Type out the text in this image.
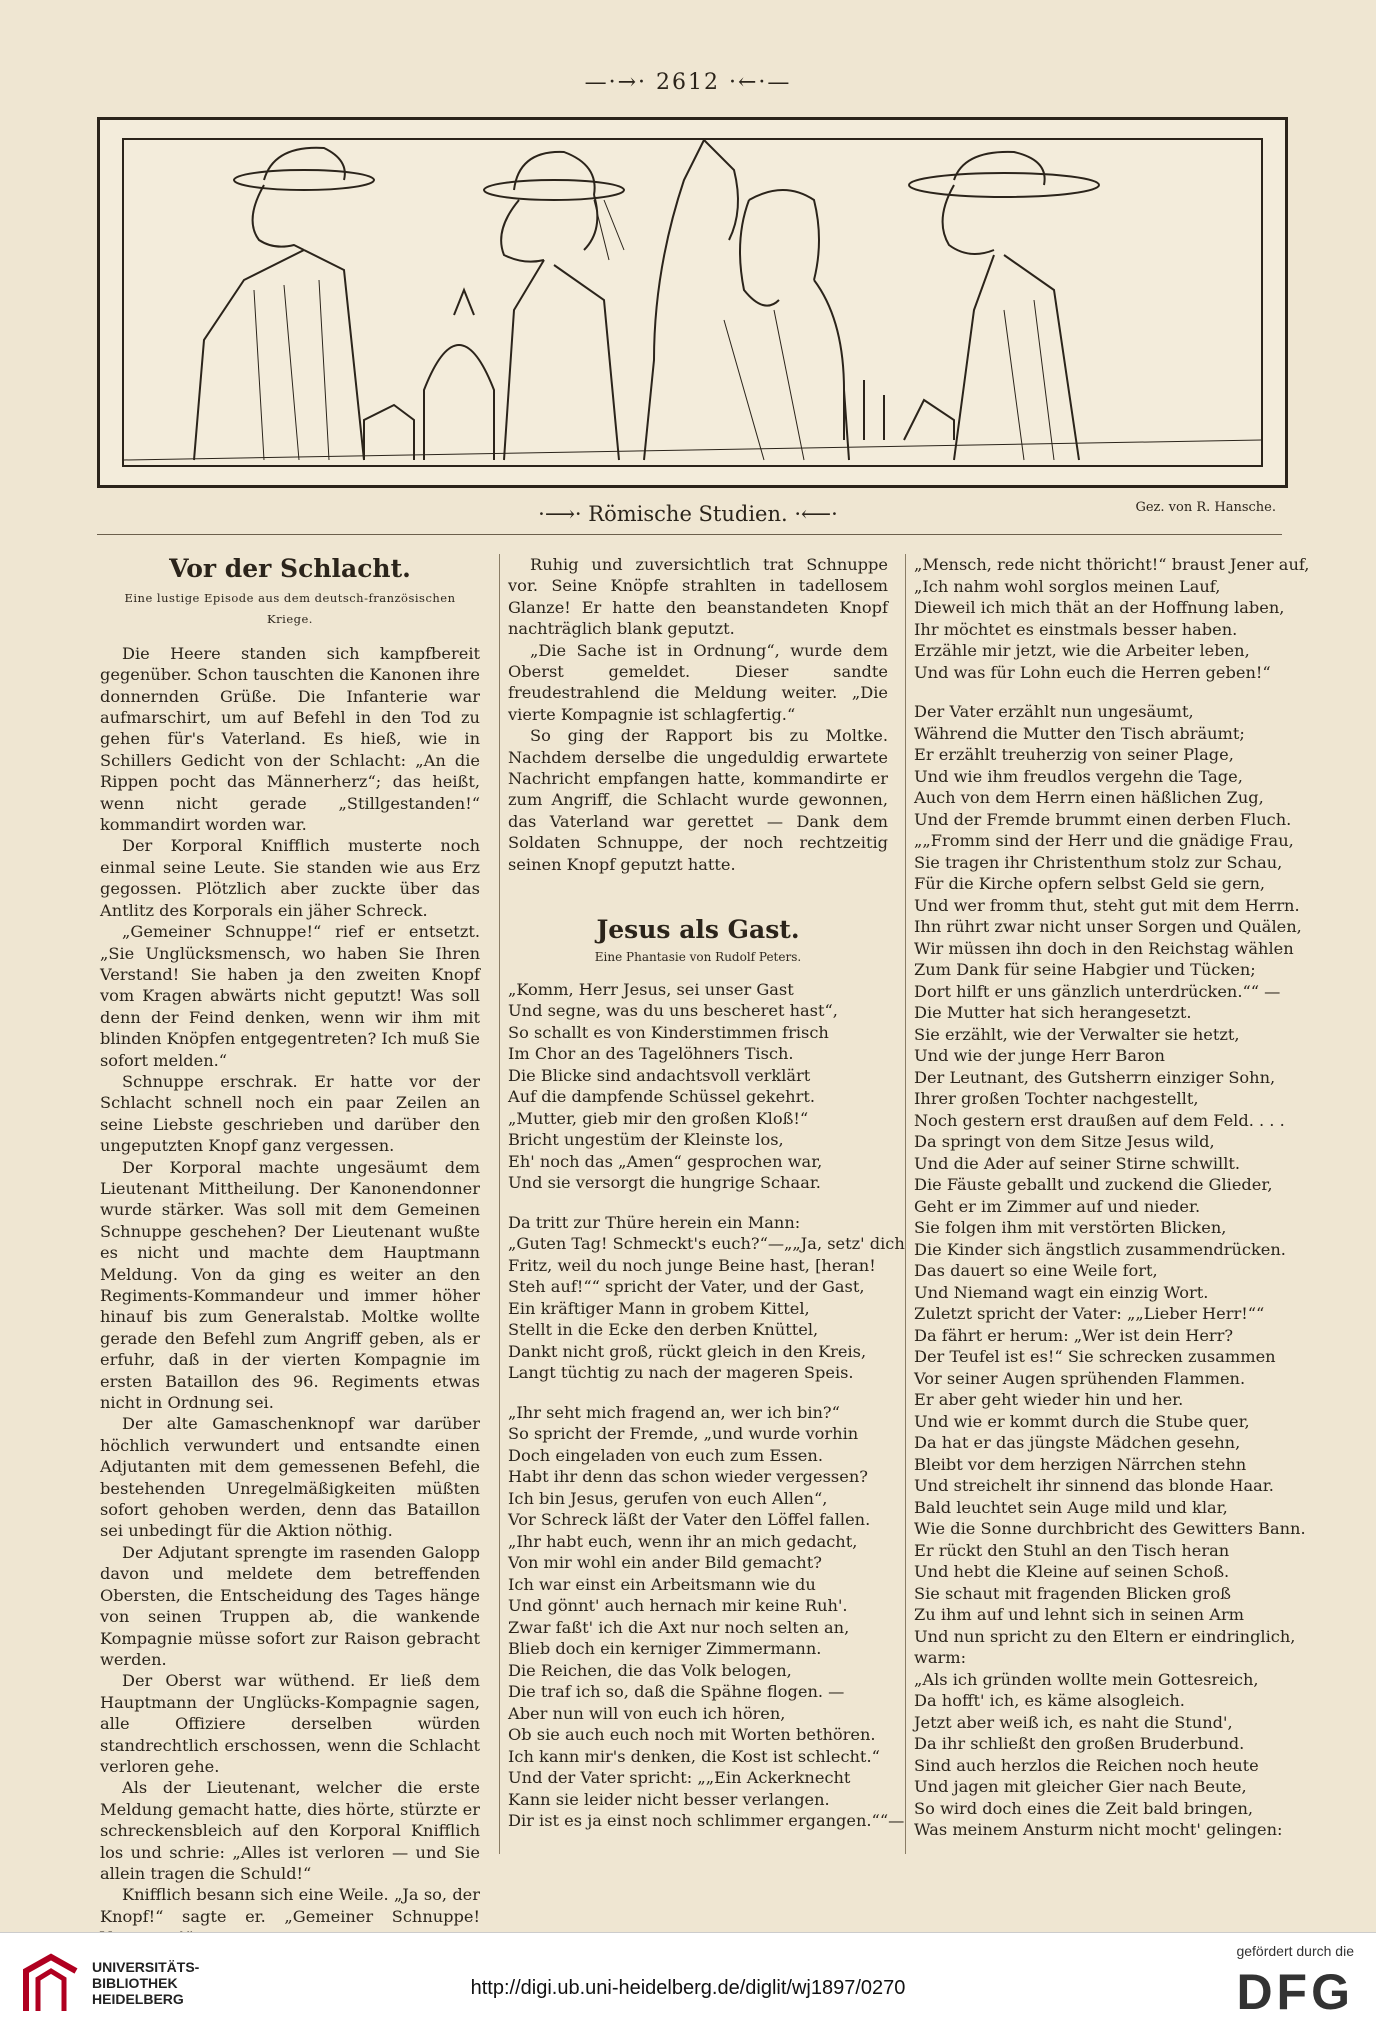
—·→· 2612 ·←·—
·⟶· Römische Studien. ·⟵·	Gez. von R. Hansche.

Vor der Schlacht.

Eine lustige Episode aus dem deutsch-französischen Kriege.

Die Heere standen sich kampfbereit gegenüber. Schon tauschten die Kanonen ihre donnernden Grüße. Die Infanterie war aufmarschirt, um auf Befehl in den Tod zu gehen für's Vaterland. Es hieß, wie in Schillers Gedicht von der Schlacht: „An die Rippen pocht das Männerherz“; das heißt, wenn nicht gerade „Stillgestanden!“ kommandirt worden war.

Der Korporal Knifflich musterte noch einmal seine Leute. Sie standen wie aus Erz gegossen. Plötzlich aber zuckte über das Antlitz des Korporals ein jäher Schreck.

„Gemeiner Schnuppe!“ rief er entsetzt. „Sie Unglücksmensch, wo haben Sie Ihren Verstand! Sie haben ja den zweiten Knopf vom Kragen abwärts nicht geputzt! Was soll denn der Feind denken, wenn wir ihm mit blinden Knöpfen entgegentreten? Ich muß Sie sofort melden.“

Schnuppe erschrak. Er hatte vor der Schlacht schnell noch ein paar Zeilen an seine Liebste geschrieben und darüber den ungeputzten Knopf ganz vergessen.

Der Korporal machte ungesäumt dem Lieutenant Mittheilung. Der Kanonendonner wurde stärker. Was soll mit dem Gemeinen Schnuppe geschehen? Der Lieutenant wußte es nicht und machte dem Hauptmann Meldung. Von da ging es weiter an den Regiments-Kommandeur und immer höher hinauf bis zum Generalstab. Moltke wollte gerade den Befehl zum Angriff geben, als er erfuhr, daß in der vierten Kompagnie im ersten Bataillon des 96. Regiments etwas nicht in Ordnung sei.

Der alte Gamaschenknopf war darüber höchlich verwundert und entsandte einen Adjutanten mit dem gemessenen Befehl, die bestehenden Unregelmäßigkeiten müßten sofort gehoben werden, denn das Bataillon sei unbedingt für die Aktion nöthig.

Der Adjutant sprengte im rasenden Galopp davon und meldete dem betreffenden Obersten, die Entscheidung des Tages hänge von seinen Truppen ab, die wankende Kompagnie müsse sofort zur Raison gebracht werden.

Der Oberst war wüthend. Er ließ dem Hauptmann der Unglücks-Kompagnie sagen, alle Offiziere derselben würden standrechtlich erschossen, wenn die Schlacht verloren gehe.

Als der Lieutenant, welcher die erste Meldung gemacht hatte, dies hörte, stürzte er schreckensbleich auf den Korporal Knifflich los und schrie: „Alles ist verloren — und Sie allein tragen die Schuld!“

Knifflich besann sich eine Weile. „Ja so, der Knopf!“ sagte er. „Gemeiner Schnuppe!

Ruhig und zuversichtlich trat Schnuppe vor. Seine Knöpfe strahlten in tadellosem Glanze! Er hatte den beanstandeten Knopf nachträglich blank geputzt.

„Die Sache ist in Ordnung“, wurde dem Oberst gemeldet. Dieser sandte freudestrahlend die Meldung weiter. „Die vierte Kompagnie ist schlagfertig.“

So ging der Rapport bis zu Moltke. Nachdem derselbe die ungeduldig erwartete Nachricht empfangen hatte, kommandirte er zum Angriff, die Schlacht wurde gewonnen, das Vaterland war gerettet — Dank dem Soldaten Schnuppe, der noch rechtzeitig seinen Knopf geputzt hatte.

Jesus als Gast.

Eine Phantasie von Rudolf Peters.

„Komm, Herr Jesus, sei unser Gast
Und segne, was du uns bescheret hast“,
So schallt es von Kinderstimmen frisch
Im Chor an des Tagelöhners Tisch.
Die Blicke sind andachtsvoll verklärt
Auf die dampfende Schüssel gekehrt.
„Mutter, gieb mir den großen Kloß!“
Bricht ungestüm der Kleinste los,
Eh' noch das „Amen“ gesprochen war,
Und sie versorgt die hungrige Schaar.
Da tritt zur Thüre herein ein Mann:
„Guten Tag! Schmeckt's euch?“—„„Ja, setz' dich
Fritz, weil du noch junge Beine hast, [heran!
Steh auf!““ spricht der Vater, und der Gast,
Ein kräftiger Mann in grobem Kittel,
Stellt in die Ecke den derben Knüttel,
Dankt nicht groß, rückt gleich in den Kreis,
Langt tüchtig zu nach der mageren Speis.
„Ihr seht mich fragend an, wer ich bin?“
So spricht der Fremde, „und wurde vorhin
Doch eingeladen von euch zum Essen.
Habt ihr denn das schon wieder vergessen?
Ich bin Jesus, gerufen von euch Allen“,
Vor Schreck läßt der Vater den Löffel fallen.
„Ihr habt euch, wenn ihr an mich gedacht,
Von mir wohl ein ander Bild gemacht?
Ich war einst ein Arbeitsmann wie du
Und gönnt' auch hernach mir keine Ruh'.
Zwar faßt' ich die Axt nur noch selten an,
Blieb doch ein kerniger Zimmermann.
Die Reichen, die das Volk belogen,
Die traf ich so, daß die Spähne flogen. —
Aber nun will von euch ich hören,
Ob sie auch euch noch mit Worten bethören.
Ich kann mir's denken, die Kost ist schlecht.“
Und der Vater spricht: „„Ein Ackerknecht
Kann sie leider nicht besser verlangen.
Dir ist es ja einst noch schlimmer ergangen.““—
„Mensch, rede nicht thöricht!“ braust Jener auf,
„Ich nahm wohl sorglos meinen Lauf,
Dieweil ich mich thät an der Hoffnung laben,
Ihr möchtet es einstmals besser haben.
Erzähle mir jetzt, wie die Arbeiter leben,
Und was für Lohn euch die Herren geben!“
Der Vater erzählt nun ungesäumt,
Während die Mutter den Tisch abräumt;
Er erzählt treuherzig von seiner Plage,
Und wie ihm freudlos vergehn die Tage,
Auch von dem Herrn einen häßlichen Zug,
Und der Fremde brummt einen derben Fluch.
„„Fromm sind der Herr und die gnädige Frau,
Sie tragen ihr Christenthum stolz zur Schau,
Für die Kirche opfern selbst Geld sie gern,
Und wer fromm thut, steht gut mit dem Herrn.
Ihn rührt zwar nicht unser Sorgen und Quälen,
Wir müssen ihn doch in den Reichstag wählen
Zum Dank für seine Habgier und Tücken;
Dort hilft er uns gänzlich unterdrücken.““ —
Die Mutter hat sich herangesetzt.
Sie erzählt, wie der Verwalter sie hetzt,
Und wie der junge Herr Baron
Der Leutnant, des Gutsherrn einziger Sohn,
Ihrer großen Tochter nachgestellt,
Noch gestern erst draußen auf dem Feld. . . .
Da springt von dem Sitze Jesus wild,
Und die Ader auf seiner Stirne schwillt.
Die Fäuste geballt und zuckend die Glieder,
Geht er im Zimmer auf und nieder.
Sie folgen ihm mit verstörten Blicken,
Die Kinder sich ängstlich zusammendrücken.
Das dauert so eine Weile fort,
Und Niemand wagt ein einzig Wort.
Zuletzt spricht der Vater: „„Lieber Herr!““
Da fährt er herum: „Wer ist dein Herr?
Der Teufel ist es!“ Sie schrecken zusammen
Vor seiner Augen sprühenden Flammen.
Er aber geht wieder hin und her.
Und wie er kommt durch die Stube quer,
Da hat er das jüngste Mädchen gesehn,
Bleibt vor dem herzigen Närrchen stehn
Und streichelt ihr sinnend das blonde Haar.
Bald leuchtet sein Auge mild und klar,
Wie die Sonne durchbricht des Gewitters Bann.
Er rückt den Stuhl an den Tisch heran
Und hebt die Kleine auf seinen Schoß.
Sie schaut mit fragenden Blicken groß
Zu ihm auf und lehnt sich in seinen Arm
Und nun spricht zu den Eltern er eindringlich,
warm:
„Als ich gründen wollte mein Gottesreich,
Da hofft' ich, es käme alsogleich.
Jetzt aber weiß ich, es naht die Stund',
Da ihr schließt den großen Bruderbund.
Sind auch herzlos die Reichen noch heute
Und jagen mit gleicher Gier nach Beute,
So wird doch eines die Zeit bald bringen,
Was meinem Ansturm nicht mocht' gelingen:
UNIVERSITÄTS-
BIBLIOTHEK
HEIDELBERG	http://digi.ub.uni-heidelberg.de/diglit/wj1897/0270
gefördert durch die
DFG
